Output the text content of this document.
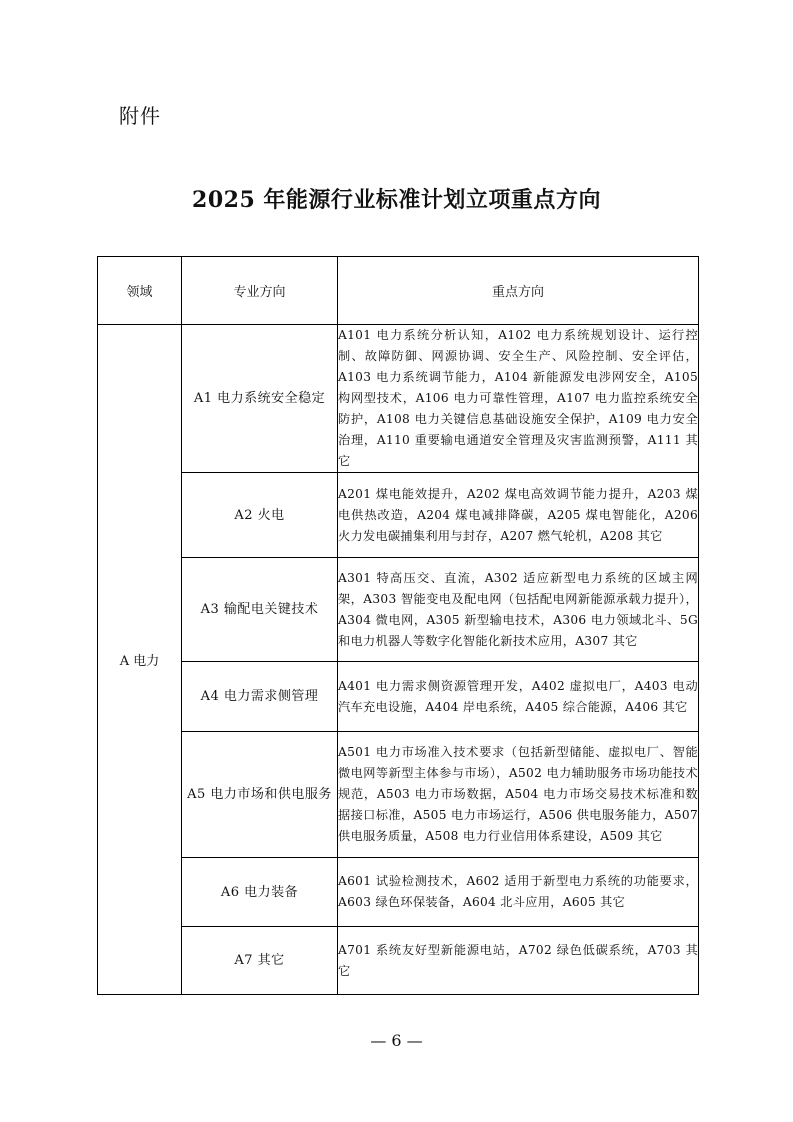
附件
2025 年能源行业标准计划立项重点方向
领域	专业方向	重点方向
A 电力	A1 电力系统安全稳定	A101 电力系统分析认知，A102 电力系统规划设计、运行控制、故障防御、网源协调、安全生产、风险控制、安全评估，A103 电力系统调节能力，A104 新能源发电涉网安全，A105 构网型技术，A106 电力可靠性管理，A107 电力监控系统安全防护，A108 电力关键信息基础设施安全保护，A109 电力安全治理，A110 重要输电通道安全管理及灾害监测预警，A111 其它
	A2 火电	A201 煤电能效提升，A202 煤电高效调节能力提升，A203 煤电供热改造，A204 煤电减排降碳，A205 煤电智能化，A206 火力发电碳捕集利用与封存，A207 燃气轮机，A208 其它
	A3 输配电关键技术	A301 特高压交、直流，A302 适应新型电力系统的区域主网架，A303 智能变电及配电网（包括配电网新能源承载力提升），A304 微电网，A305 新型输电技术，A306 电力领域北斗、5G 和电力机器人等数字化智能化新技术应用，A307 其它
	A4 电力需求侧管理	A401 电力需求侧资源管理开发，A402 虚拟电厂，A403 电动汽车充电设施，A404 岸电系统，A405 综合能源，A406 其它
	A5 电力市场和供电服务	A501 电力市场准入技术要求（包括新型储能、虚拟电厂、智能微电网等新型主体参与市场），A502 电力辅助服务市场功能技术规范，A503 电力市场数据，A504 电力市场交易技术标准和数据接口标准，A505 电力市场运行，A506 供电服务能力，A507 供电服务质量，A508 电力行业信用体系建设，A509 其它
	A6 电力装备	A601 试验检测技术，A602 适用于新型电力系统的功能要求，A603 绿色环保装备，A604 北斗应用，A605 其它
	A7 其它	A701 系统友好型新能源电站，A702 绿色低碳系统，A703 其它
— 6 —
